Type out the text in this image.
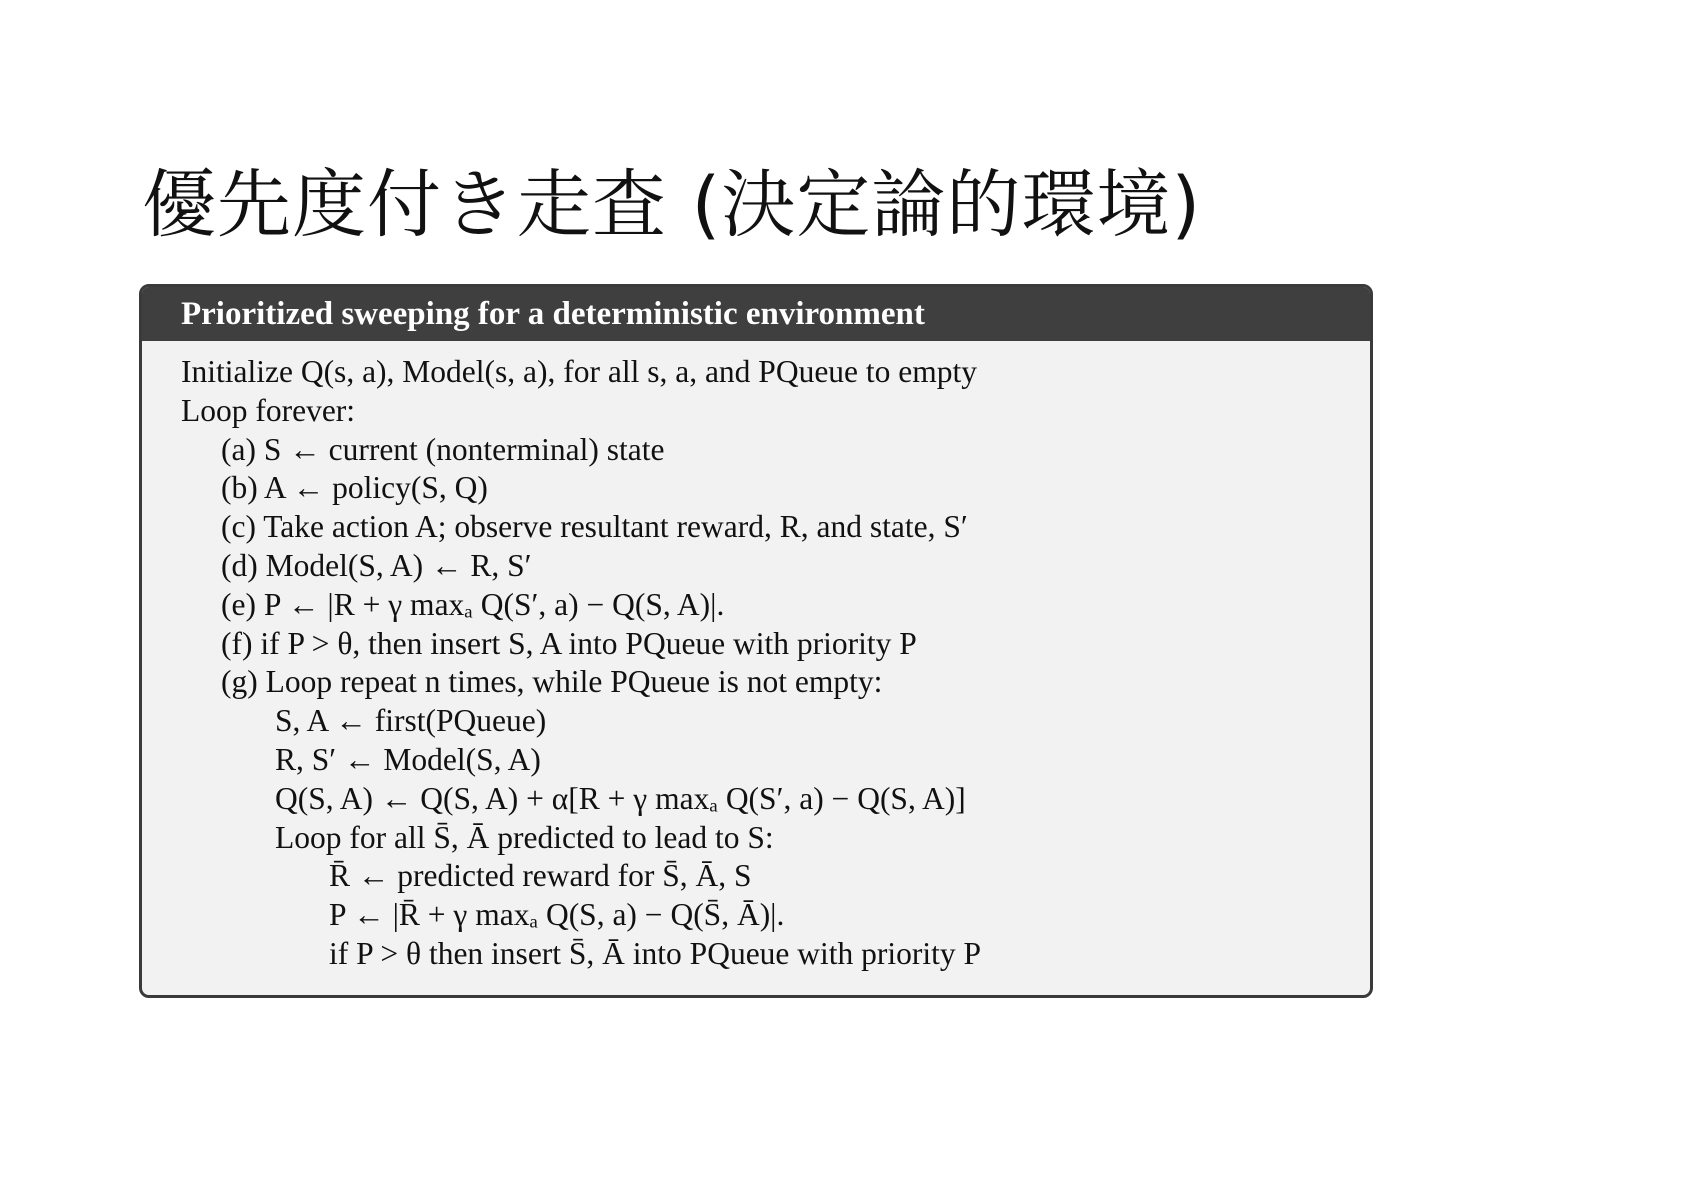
優先度付き走査 (決定論的環境)
Prioritized sweeping for a deterministic environment
Initialize Q(s, a), Model(s, a), for all s, a, and PQueue to empty
Loop forever:
(a) S ← current (nonterminal) state
(b) A ← policy(S, Q)
(c) Take action A; observe resultant reward, R, and state, S′
(d) Model(S, A) ← R, S′
(e) P ← |R + γ maxₐ Q(S′, a) − Q(S, A)|.
(f) if P > θ, then insert S, A into PQueue with priority P
(g) Loop repeat n times, while PQueue is not empty:
S, A ← first(PQueue)
R, S′ ← Model(S, A)
Q(S, A) ← Q(S, A) + α[R + γ maxₐ Q(S′, a) − Q(S, A)]
Loop for all S̄, Ā predicted to lead to S:
R̄ ← predicted reward for S̄, Ā, S
P ← |R̄ + γ maxₐ Q(S, a) − Q(S̄, Ā)|.
if P > θ then insert S̄, Ā into PQueue with priority P
